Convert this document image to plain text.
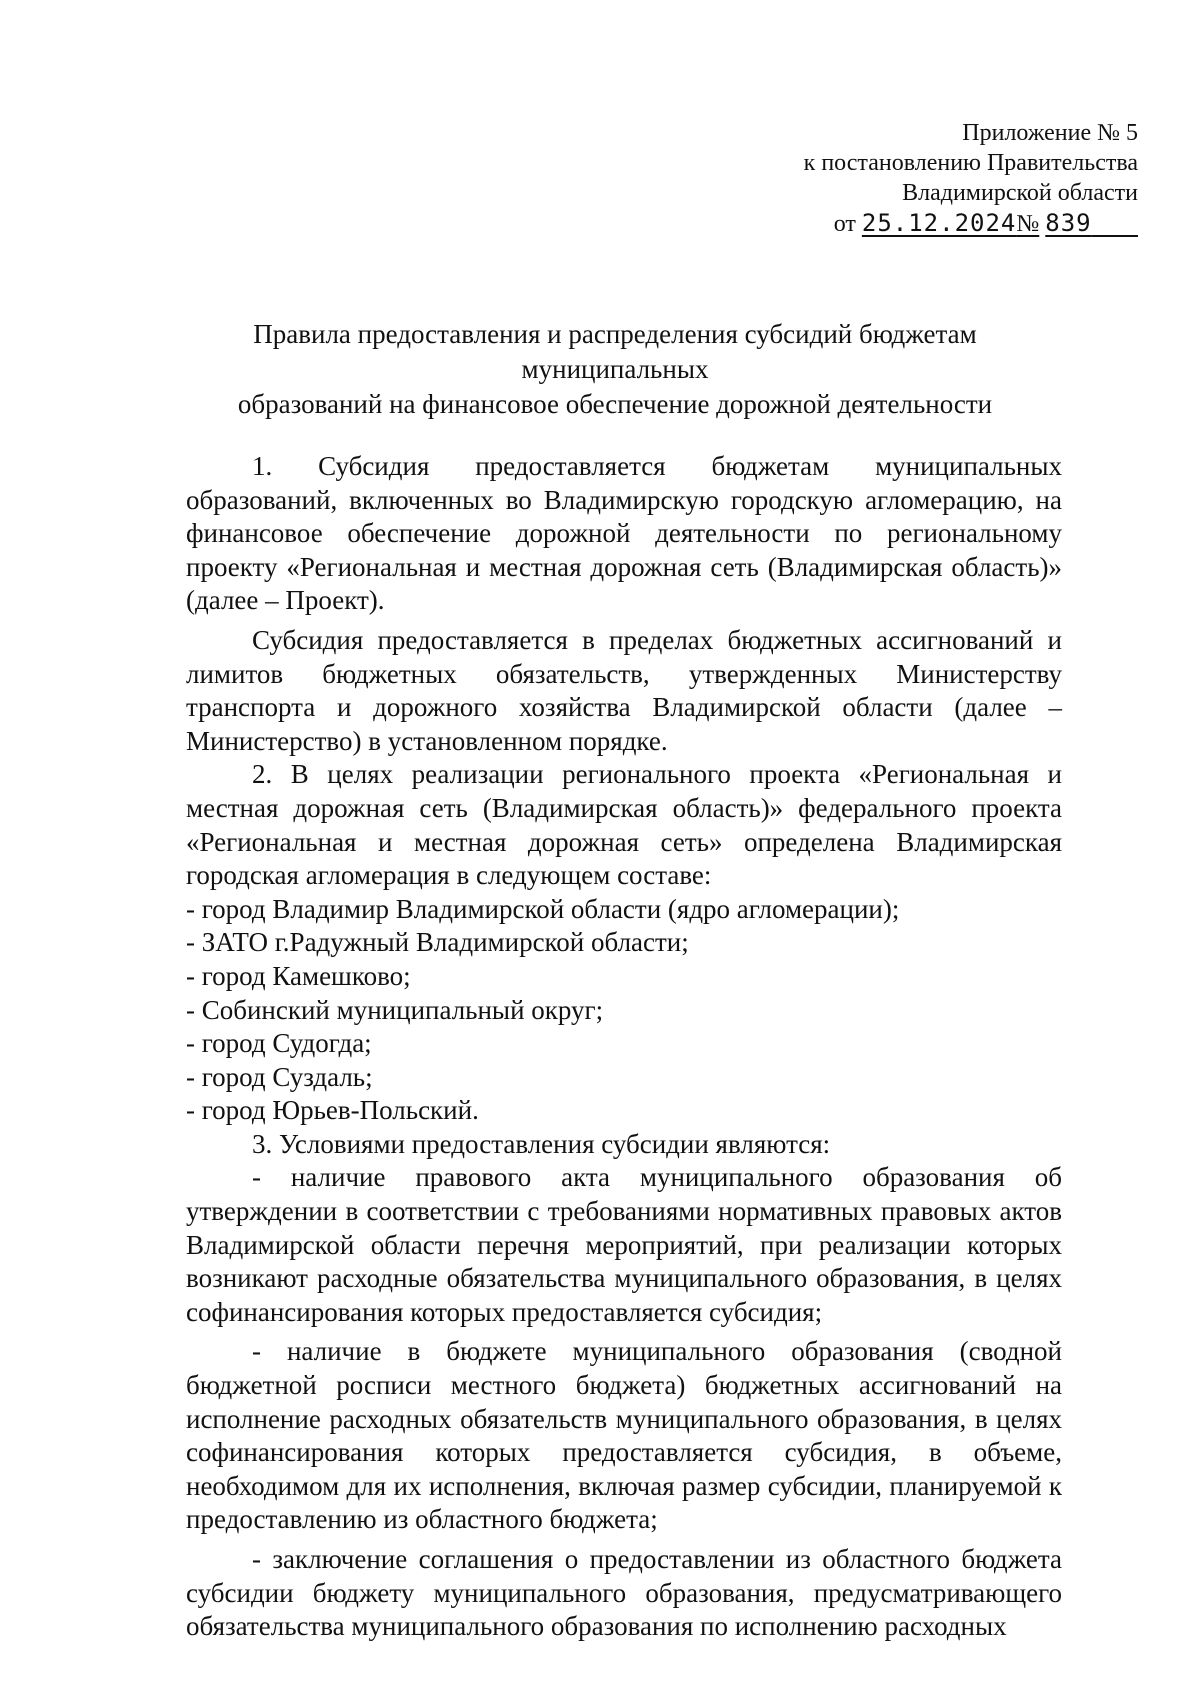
Приложение № 5
к постановлению Правительства
Владимирской области
от 25.12.2024№ 839
Правила предоставления и распределения субсидий бюджетам муниципальных
образований на финансовое обеспечение дорожной деятельности

1. Субсидия предоставляется бюджетам муниципальных образований, включенных во Владимирскую городскую агломерацию, на финансовое обеспечение дорожной деятельности по региональному проекту «Региональная и местная дорожная сеть (Владимирская область)» (далее – Проект).

Субсидия предоставляется в пределах бюджетных ассигнований и лимитов бюджетных обязательств, утвержденных Министерству транспорта и дорожного хозяйства Владимирской области (далее – Министерство) в установленном порядке.

2. В целях реализации регионального проекта «Региональная и местная дорожная сеть (Владимирская область)» федерального проекта «Региональная и местная дорожная сеть» определена Владимирская городская агломерация в следующем составе:

- город Владимир Владимирской области (ядро агломерации);
- ЗАТО г.Радужный Владимирской области;
- город Камешково;
- Собинский муниципальный округ;
- город Судогда;
- город Суздаль;
- город Юрьев-Польский.

3. Условиями предоставления субсидии являются:

- наличие правового акта муниципального образования об утверждении в соответствии с требованиями нормативных правовых актов Владимирской области перечня мероприятий, при реализации которых возникают расходные обязательства муниципального образования, в целях софинансирования которых предоставляется субсидия;

- наличие в бюджете муниципального образования (сводной бюджетной росписи местного бюджета) бюджетных ассигнований на исполнение расходных обязательств муниципального образования, в целях софинансирования которых предоставляется субсидия, в объеме, необходимом для их исполнения, включая размер субсидии, планируемой к предоставлению из областного бюджета;

- заключение соглашения о предоставлении из областного бюджета субсидии бюджету муниципального образования, предусматривающего обязательства муниципального образования по исполнению расходных
